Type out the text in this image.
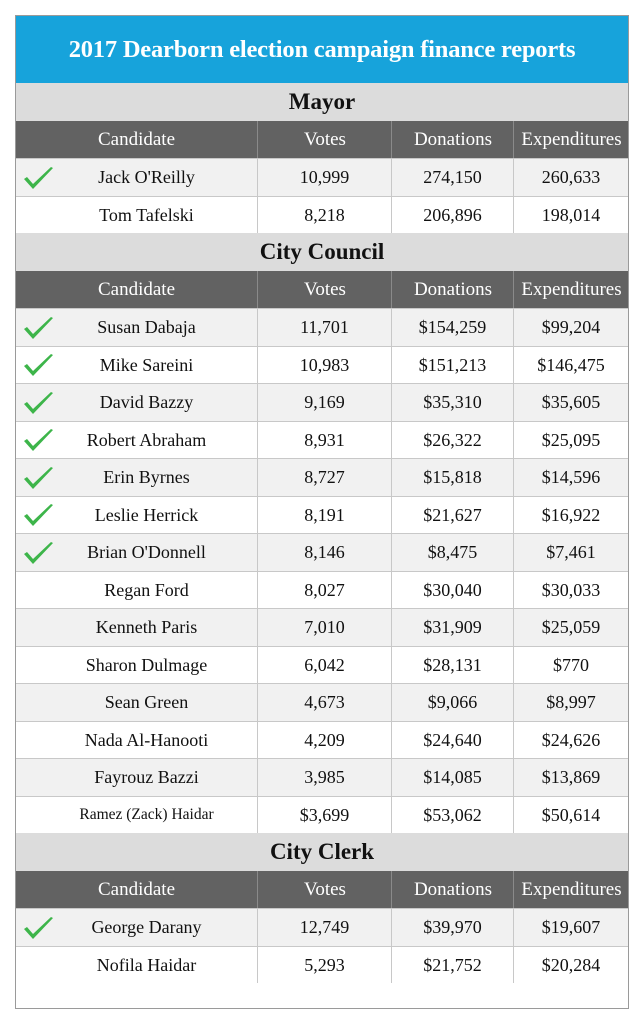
2017 Dearborn election campaign finance reports
Mayor
Candidate	Votes	Donations	Expenditures
Jack O'Reilly	10,999	274,150	260,633
Tom Tafelski	8,218	206,896	198,014
City Council
Candidate	Votes	Donations	Expenditures
Susan Dabaja	11,701	$154,259	$99,204
Mike Sareini	10,983	$151,213	$146,475
David Bazzy	9,169	$35,310	$35,605
Robert Abraham	8,931	$26,322	$25,095
Erin Byrnes	8,727	$15,818	$14,596
Leslie Herrick	8,191	$21,627	$16,922
Brian O'Donnell	8,146	$8,475	$7,461
Regan Ford	8,027	$30,040	$30,033
Kenneth Paris	7,010	$31,909	$25,059
Sharon Dulmage	6,042	$28,131	$770
Sean Green	4,673	$9,066	$8,997
Nada Al-Hanooti	4,209	$24,640	$24,626
Fayrouz Bazzi	3,985	$14,085	$13,869
Ramez (Zack) Haidar	$3,699	$53,062	$50,614
City Clerk
Candidate	Votes	Donations	Expenditures
George Darany	12,749	$39,970	$19,607
Nofila Haidar	5,293	$21,752	$20,284
